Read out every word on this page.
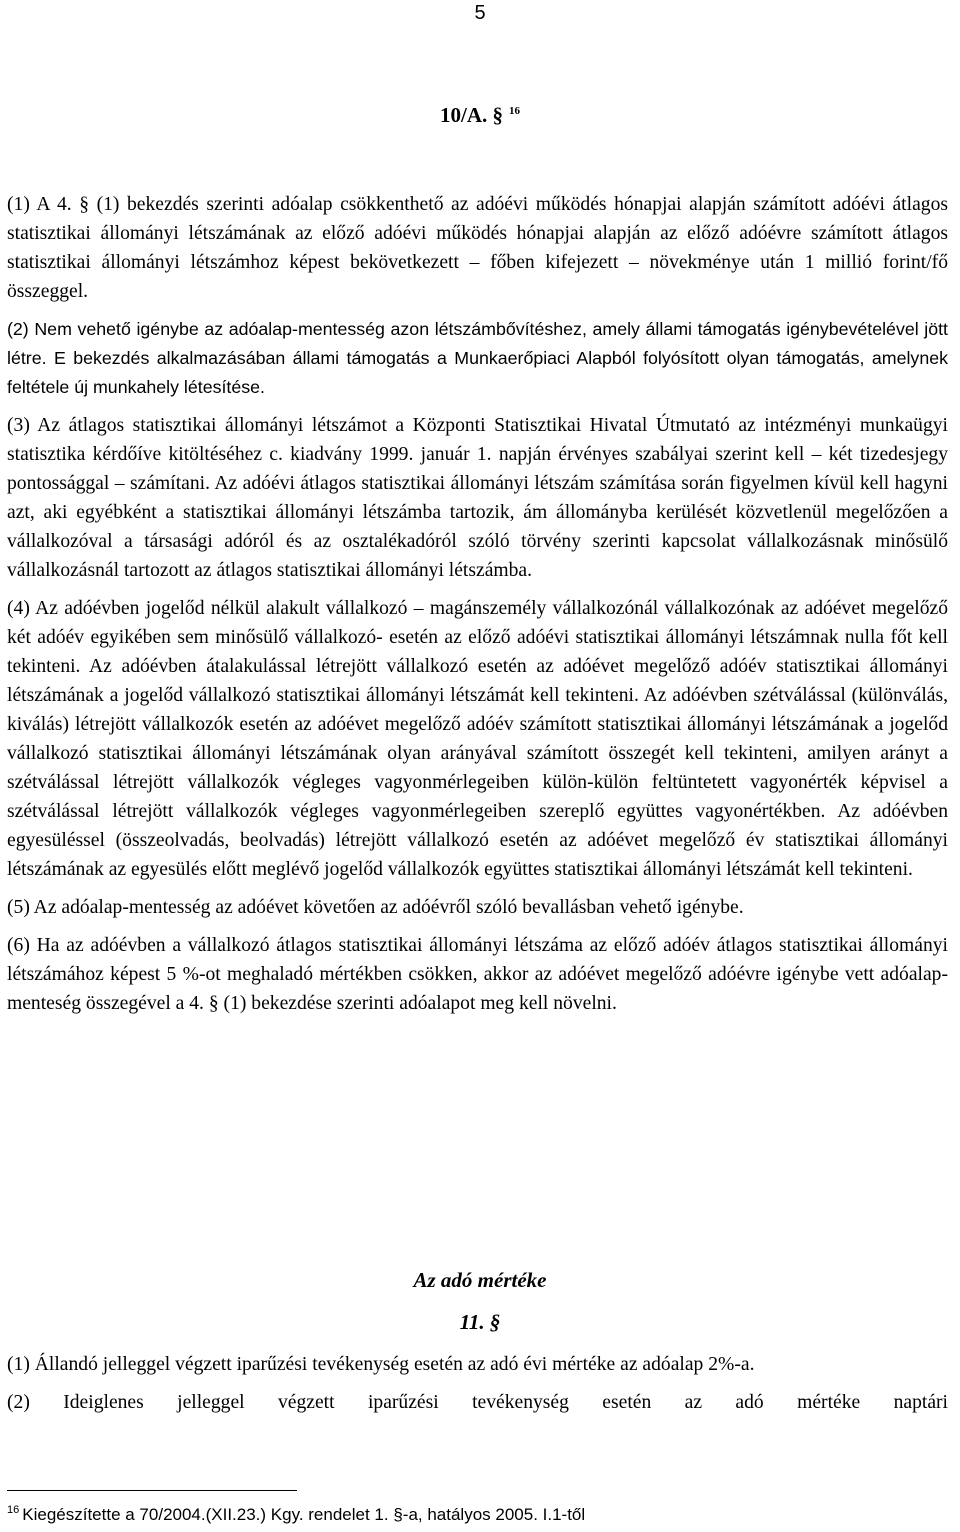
5
10/A. § $^{16}$

(1) A 4. § (1) bekezdés szerinti adóalap csökkenthető az adóévi működés hónapjai alapján számított adóévi átlagos statisztikai állományi létszámának az előző adóévi működés hónapjai alapján az előző adóévre számított átlagos statisztikai állományi létszámhoz képest bekövetkezett – főben kifejezett – növekménye után 1 millió forint/fő összeggel.

(2) Nem vehető igénybe az adóalap-mentesség azon létszámbővítéshez, amely állami támogatás igénybevételével jött létre. E bekezdés alkalmazásában állami támogatás a Munkaerőpiaci Alapból folyósított olyan támogatás, amelynek feltétele új munkahely létesítése.

(3) Az átlagos statisztikai állományi létszámot a Központi Statisztikai Hivatal Útmutató az intézményi munkaügyi statisztika kérdőíve kitöltéséhez c. kiadvány 1999. január 1. napján érvényes szabályai szerint kell – két tizedesjegy pontossággal – számítani. Az adóévi átlagos statisztikai állományi létszám számítása során figyelmen kívül kell hagyni azt, aki egyébként a statisztikai állományi létszámba tartozik, ám állományba kerülését közvetlenül megelőzően a vállalkozóval a társasági adóról és az osztalékadóról szóló törvény szerinti kapcsolat vállalkozásnak minősülő vállalkozásnál tartozott az átlagos statisztikai állományi létszámba.

(4) Az adóévben jogelőd nélkül alakult vállalkozó – magánszemély vállalkozónál vállalkozónak az adóévet megelőző két adóév egyikében sem minősülő vállalkozó- esetén az előző adóévi statisztikai állományi létszámnak nulla főt kell tekinteni. Az adóévben átalakulással létrejött vállalkozó esetén az adóévet megelőző adóév statisztikai állományi létszámának a jogelőd vállalkozó statisztikai állományi létszámát kell tekinteni. Az adóévben szétválással (különválás, kiválás) létrejött vállalkozók esetén az adóévet megelőző adóév számított statisztikai állományi létszámának a jogelőd vállalkozó statisztikai állományi létszámának olyan arányával számított összegét kell tekinteni, amilyen arányt a szétválással létrejött vállalkozók végleges vagyonmérlegeiben külön-külön feltüntetett vagyonérték képvisel a szétválással létrejött vállalkozók végleges vagyonmérlegeiben szereplő együttes vagyonértékben. Az adóévben egyesüléssel (összeolvadás, beolvadás) létrejött vállalkozó esetén az adóévet megelőző év statisztikai állományi létszámának az egyesülés előtt meglévő jogelőd vállalkozók együttes statisztikai állományi létszámát kell tekinteni.

(5) Az adóalap-mentesség az adóévet követően az adóévről szóló bevallásban vehető igénybe.

(6) Ha az adóévben a vállalkozó átlagos statisztikai állományi létszáma az előző adóév átlagos statisztikai állományi létszámához képest 5 %-ot meghaladó mértékben csökken, akkor az adóévet megelőző adóévre igénybe vett adóalap-menteség összegével a 4. § (1) bekezdése szerinti adóalapot meg kell növelni.

Az adó mértéke
11. §

(1) Állandó jelleggel végzett iparűzési tevékenység esetén az adó évi mértéke az adóalap 2%-a.

(2) Ideiglenes jelleggel végzett iparűzési tevékenység esetén az adó mértéke naptári

$^{16}$ Kiegészítette a 70/2004.(XII.23.) Kgy. rendelet 1. §-a, hatályos 2005. I.1-től
